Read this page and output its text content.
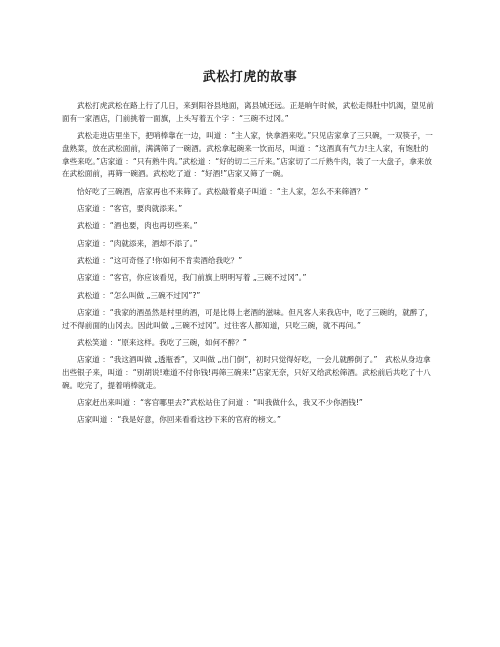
武松打虎的故事

武松打虎武松在路上行了几日，来到阳谷县地面，离县城还远。正是晌午时候，武松走得肚中饥渴，望见前面有一家酒店，门前挑着一面旗，上头写着五个字 ：“三碗不过冈。”

武松走进店里坐下，把哨棒靠在一边，叫道 ：“主人家，快拿酒来吃。”只见店家拿了三只碗，一双筷子，一盘熟菜，放在武松面前，满满筛了一碗酒。武松拿起碗来一饮而尽，叫道 ：“这酒真有气力!主人家，有饱肚的拿些来吃。”店家道 ：“只有熟牛肉。”武松道 ：“好的切二三斤来。”店家切了二斤熟牛肉，装了一大盘子，拿来放在武松面前，再筛一碗酒。武松吃了道 ：“好酒!”店家又筛了一碗。

恰好吃了三碗酒，店家再也不来筛了。武松敲着桌子叫道 ：“主人家，怎么不来筛酒？”

店家道 ：“客官，要肉就添来。”

武松道 ：“酒也要，肉也再切些来。”

店家道 ：“肉就添来，酒却不添了。”

武松道 ：“这可奇怪了!你如何不肯卖酒给我吃？”

店家道 ：“客官，你应该看见，我门前旗上明明写着 „三碗不过冈”。”

武松道 ：“怎么叫做 „三碗不过冈”?”

店家道 ：“我家的酒虽然是村里的酒，可是比得上老酒的滋味。但凡客人来我店中，吃了三碗的，就醉了，过不得前面的山冈去。因此叫做 „三碗不过冈”。过往客人都知道，只吃三碗，就不再问。”

武松笑道 ：“原来这样。我吃了三碗，如何不醉？”

店家道 ：“我这酒叫做 „透瓶香”，又叫做 „出门倒”，初时只觉得好吃，一会儿就醉倒了。”　武松从身边拿出些银子来，叫道 ：“别胡说!难道不付你钱!再筛三碗来!”店家无奈，只好又给武松筛酒。武松前后共吃了十八碗。吃完了，提着哨棒就走。

店家赶出来叫道 ：“客官哪里去?”武松站住了问道 ：“叫我做什么，我又不少你酒钱!”

店家叫道 ：“我是好意，你回来看看这抄下来的官府的榜文。”
